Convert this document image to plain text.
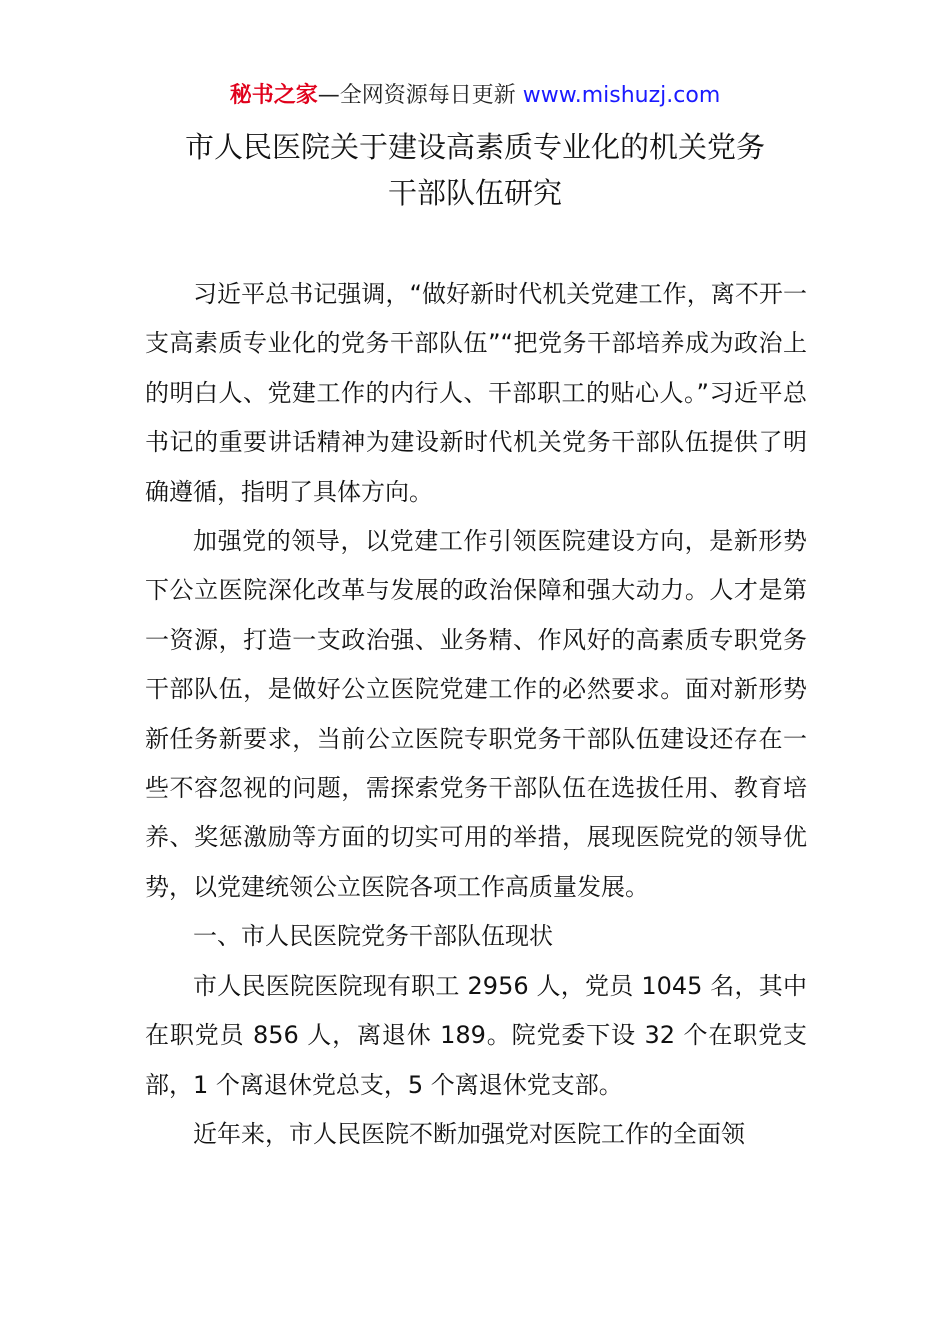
秘书之家—全网资源每日更新 www.mishuzj.com
市人民医院关于建设高素质专业化的机关党务
干部队伍研究

习近平总书记强调，“做好新时代机关党建工作，离不开一支高素质专业化的党务干部队伍”“把党务干部培养成为政治上的明白人、党建工作的内行人、干部职工的贴心人。”习近平总书记的重要讲话精神为建设新时代机关党务干部队伍提供了明确遵循，指明了具体方向。

加强党的领导，以党建工作引领医院建设方向，是新形势下公立医院深化改革与发展的政治保障和强大动力。人才是第一资源，打造一支政治强、业务精、作风好的高素质专职党务干部队伍，是做好公立医院党建工作的必然要求。面对新形势新任务新要求，当前公立医院专职党务干部队伍建设还存在一些不容忽视的问题，需探索党务干部队伍在选拔任用、教育培养、奖惩激励等方面的切实可用的举措，展现医院党的领导优势，以党建统领公立医院各项工作高质量发展。

一、市人民医院党务干部队伍现状

市人民医院医院现有职工 2956 人，党员 1045 名，其中在职党员 856 人，离退休 189。院党委下设 32 个在职党支部，1 个离退休党总支，5 个离退休党支部。

近年来，市人民医院不断加强党对医院工作的全面领
